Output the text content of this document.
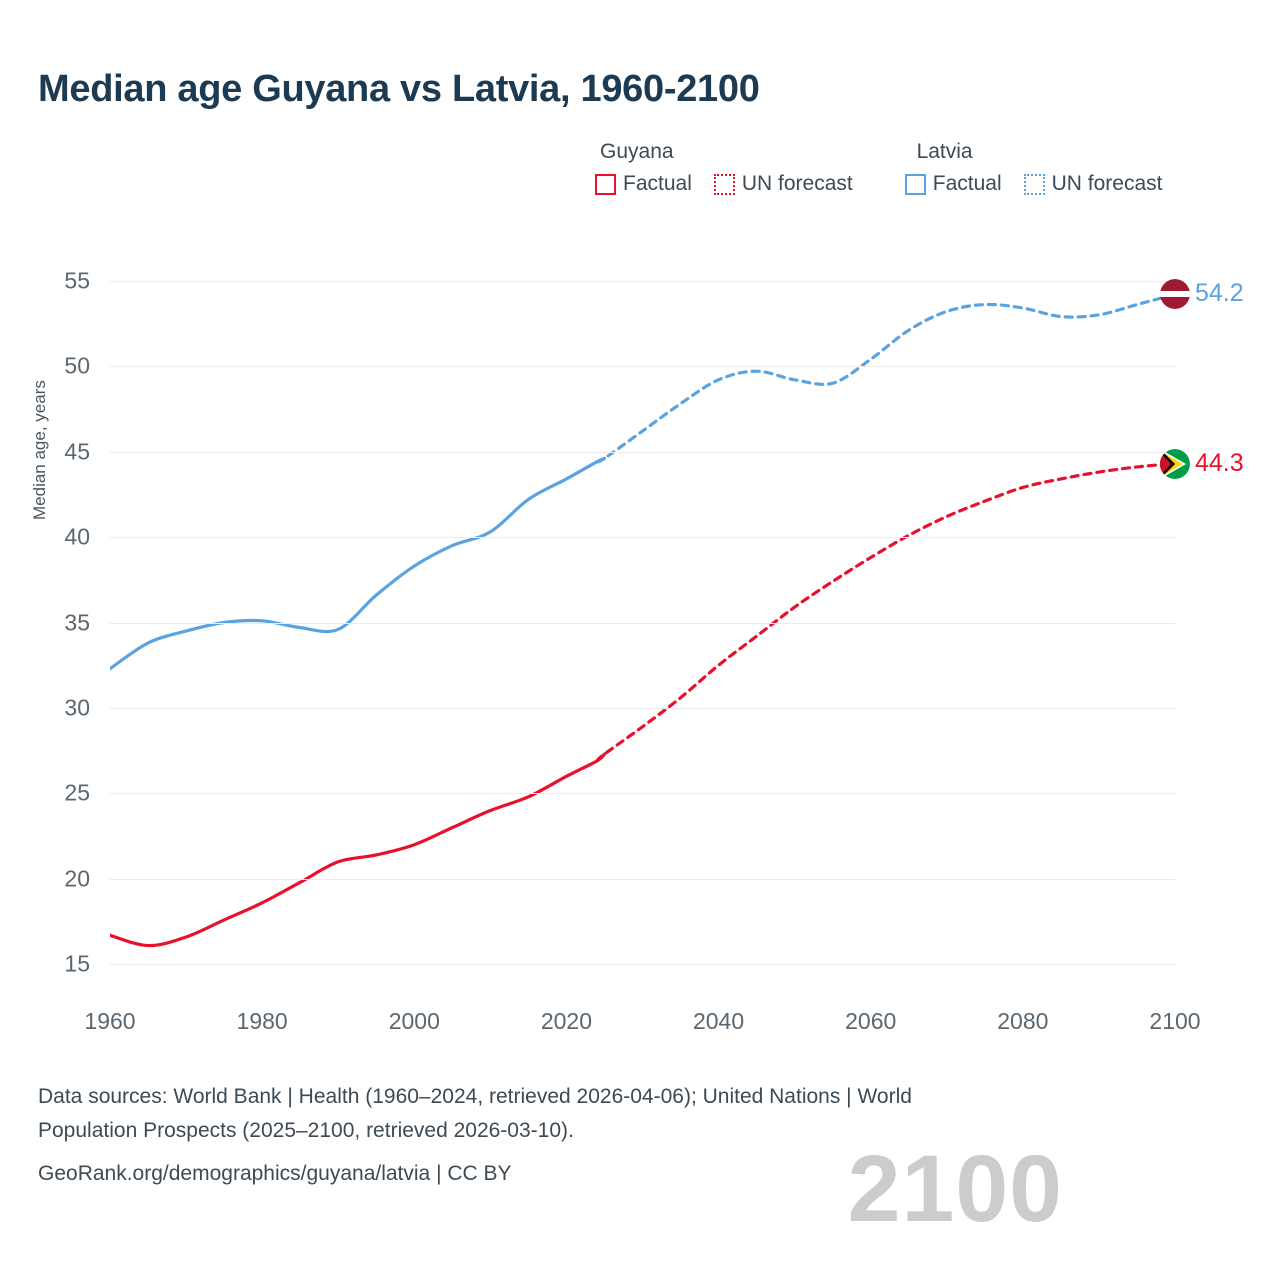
Median age Guyana vs Latvia, 1960-2100
Guyana	Latvia
Factual UN forecast	Factual UN forecast
Median age, years
2100
15
20
25
30
35
40
45
50
55
44.3
54.2
1960	1980	2000	2020	2040	2060	2080	2100
Data sources: World Bank | Health (1960–2024, retrieved 2026-04-06); United Nations | World
Population Prospects (2025–2100, retrieved 2026-03-10).
GeoRank.org/demographics/guyana/latvia | CC BY
